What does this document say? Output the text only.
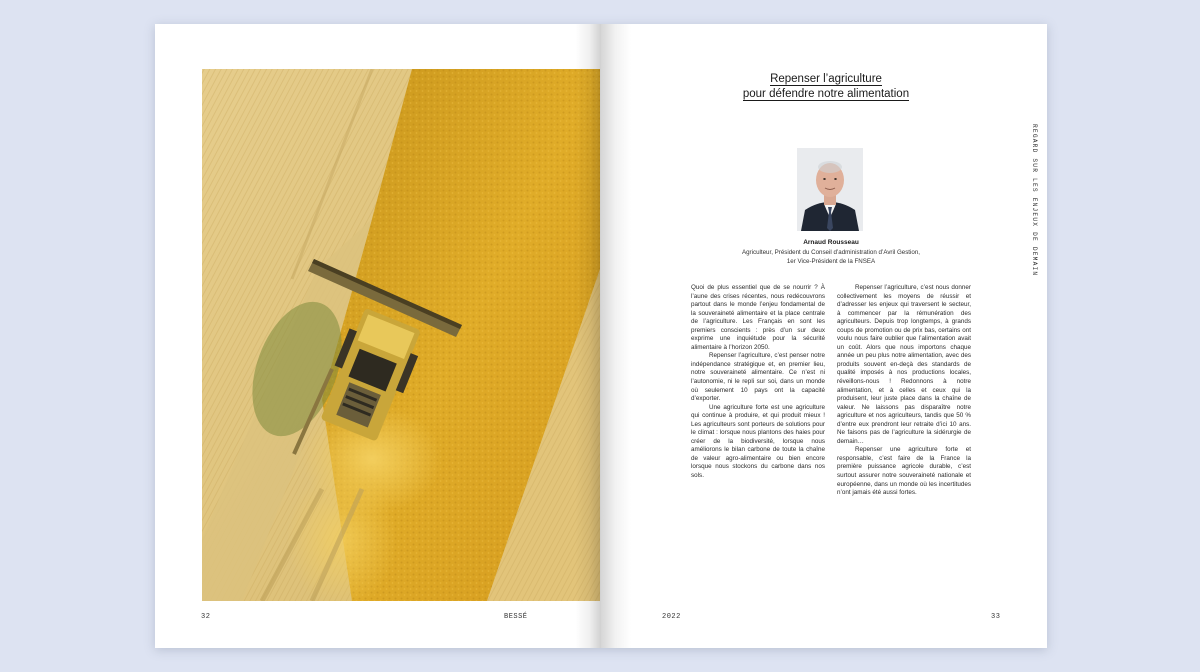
32	BESSÉ
Repenser l’agriculture
pour défendre notre alimentation
REGARD SUR LES ENJEUX DE DEMAIN
Arnaud Rousseau
Agriculteur, Président du Conseil d’administration d’Avril Gestion,
1er Vice-Président de la FNSEA

Quoi de plus essentiel que de se nourrir ? À l’aune des crises récentes, nous redécouvrons partout dans le monde l’enjeu fondamental de la souveraineté alimentaire et la place centrale de l’agriculture. Les Français en sont les premiers conscients : près d’un sur deux exprime une inquiétude pour la sécurité alimentaire à l’horizon 2050.

Repenser l’agriculture, c’est penser notre indépendance stratégique et, en premier lieu, notre souveraineté alimentaire. Ce n’est ni l’autonomie, ni le repli sur soi, dans un monde où seulement 10 pays ont la capacité d’exporter.

Une agriculture forte est une agriculture qui continue à produire, et qui produit mieux ! Les agriculteurs sont porteurs de solutions pour le climat : lorsque nous plantons des haies pour créer de la biodiversité, lorsque nous améliorons le bilan carbone de toute la chaîne de valeur agro-alimentaire ou bien encore lorsque nous stockons du carbone dans nos sols.

Repenser l’agriculture, c’est nous donner collectivement les moyens de réussir et d’adresser les enjeux qui traversent le secteur, à commencer par la rémunération des agriculteurs. Depuis trop longtemps, à grands coups de promotion ou de prix bas, certains ont voulu nous faire oublier que l’alimentation avait un coût. Alors que nous importons chaque année un peu plus notre alimentation, avec des produits souvent en-deçà des standards de qualité imposés à nos productions locales, réveillons-nous ! Redonnons à notre alimentation, et à celles et ceux qui la produisent, leur juste place dans la chaîne de valeur. Ne laissons pas disparaître notre agriculture et nos agriculteurs, tandis que 50 % d’entre eux prendront leur retraite d’ici 10 ans. Ne faisons pas de l’agriculture la sidérurgie de demain…

Repenser une agriculture forte et responsable, c’est faire de la France la première puissance agricole durable, c’est surtout assurer notre souveraineté nationale et européenne, dans un monde où les incertitudes n’ont jamais été aussi fortes.

2022	33
